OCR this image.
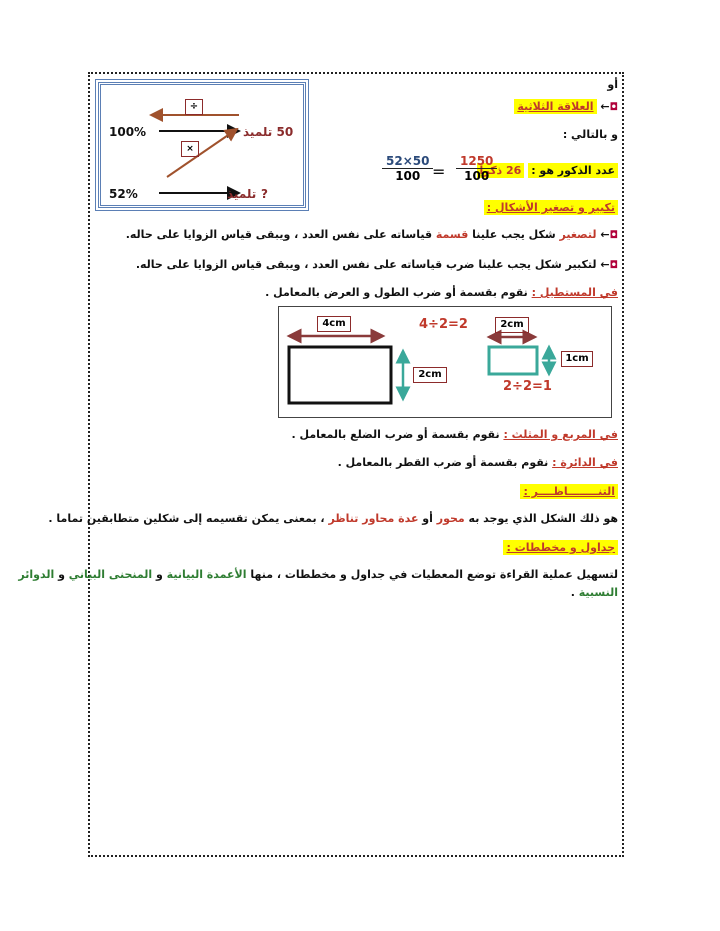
أو
÷
×
100%
52%
50 تلميذ
?
تلميذ
◘← العلاقة الثلاثية
و بالتالي :
عدد الذكور هو : 26 ذكرا
$\frac{1250}{100}$
=
$\frac{52\times 50}{100}$
تكبير و تصغير الأشكال :
◘← لتصغير شكل يجب علينا قسمة قياساته على نفس العدد ، ويبقى قياس الزوايا على حاله.
◘← لتكبير شكل يجب علينا ضرب قياساته على نفس العدد ، ويبقى قياس الزوايا على حاله.
في المستطيل : نقوم بقسمة أو ضرب الطول و العرض بالمعامل .
4cm
2cm
4÷2=2	2cm
1cm
2÷2=1
في المربع و المثلث : نقوم بقسمة أو ضرب الضلع بالمعامل .
في الدائرة : نقوم بقسمة أو ضرب القطر بالمعامل .
التنــــــــاظــــر :
هو ذلك الشكل الذي يوجد به محور أو عدة محاور تناظر ، بمعنى يمكن تقسيمه إلى شكلين متطابقين تماما .
جداول و مخططات :
لتسهيل عملية القراءة توضع المعطيات في جداول و مخططات ، منها الأعمدة البيانية و المنحنى البياني و الدوائر
النسبية .
